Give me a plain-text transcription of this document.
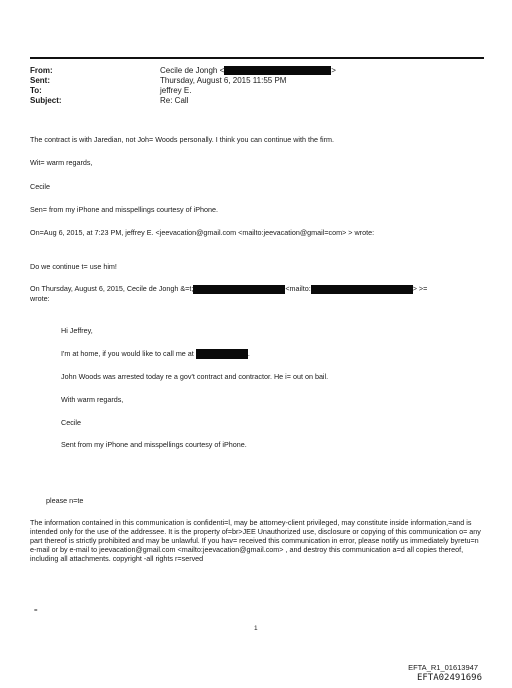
From:	Cecile de Jongh <	>
Sent:	Thursday, August 6, 2015 11:55 PM
To:	jeffrey E.
Subject:	Re: Call
The contract is with Jaredian, not Joh= Woods personally. I think you can continue with the firm.
Wit= warm regards,
Cecile
Sen= from my iPhone and misspellings courtesy of iPhone.
On=Aug 6, 2015, at 7:23 PM, jeffrey E. <jeevacation@gmail.com <mailto:jeevacation@gmail=com> > wrote:
Do we continue t= use him!
On Thursday, August 6, 2015, Cecile de Jongh &=t;	<mailto:	> >=
wrote:
Hi Jeffrey,
I'm at home, if you would like to call me at	.
John Woods was arrested today re a gov't contract and contractor. He i= out on bail.
With warm regards,
Cecile
Sent from my iPhone and misspellings courtesy of iPhone.
please n=te
The information contained in this communication is confidenti=l, may be attorney-client privileged, may constitute inside information,=and is intended only for the use of the addressee. It is the property of=br>JEE Unauthorized use, disclosure or copying of this communication o= any part thereof is strictly prohibited and may be unlawful. If you hav= received this communication in error, please notify us immediately byretu=n e-mail or by e-mail to jeevacation@gmail.com <mailto:jeevacation@gmail.com> , and destroy this communication a=d all copies thereof, including all attachments. copyright -all rights r=served
=
1
EFTA_R1_01613947
EFTA02491696
